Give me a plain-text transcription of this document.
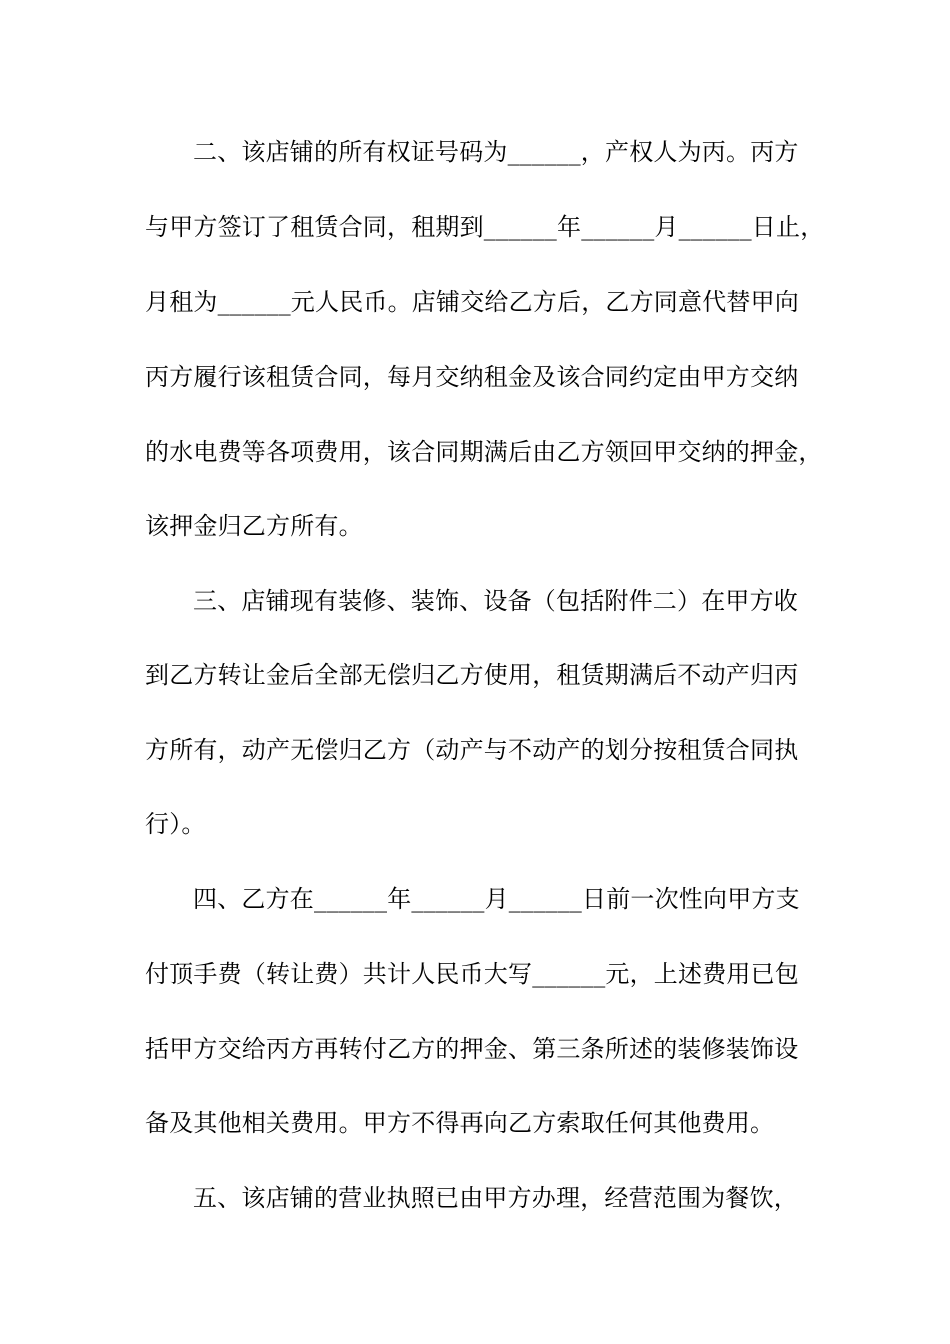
二、该店铺的所有权证号码为______，产权人为丙。丙方
与甲方签订了租赁合同，租期到______年______月______日止，
月租为______元人民币。店铺交给乙方后，乙方同意代替甲向
丙方履行该租赁合同，每月交纳租金及该合同约定由甲方交纳
的水电费等各项费用，该合同期满后由乙方领回甲交纳的押金，
该押金归乙方所有。
三、店铺现有装修、装饰、设备（包括附件二）在甲方收
到乙方转让金后全部无偿归乙方使用，租赁期满后不动产归丙
方所有，动产无偿归乙方（动产与不动产的划分按租赁合同执
行）。
四、乙方在______年______月______日前一次性向甲方支
付顶手费（转让费）共计人民币大写______元，上述费用已包
括甲方交给丙方再转付乙方的押金、第三条所述的装修装饰设
备及其他相关费用。甲方不得再向乙方索取任何其他费用。
五、该店铺的营业执照已由甲方办理，经营范围为餐饮，
